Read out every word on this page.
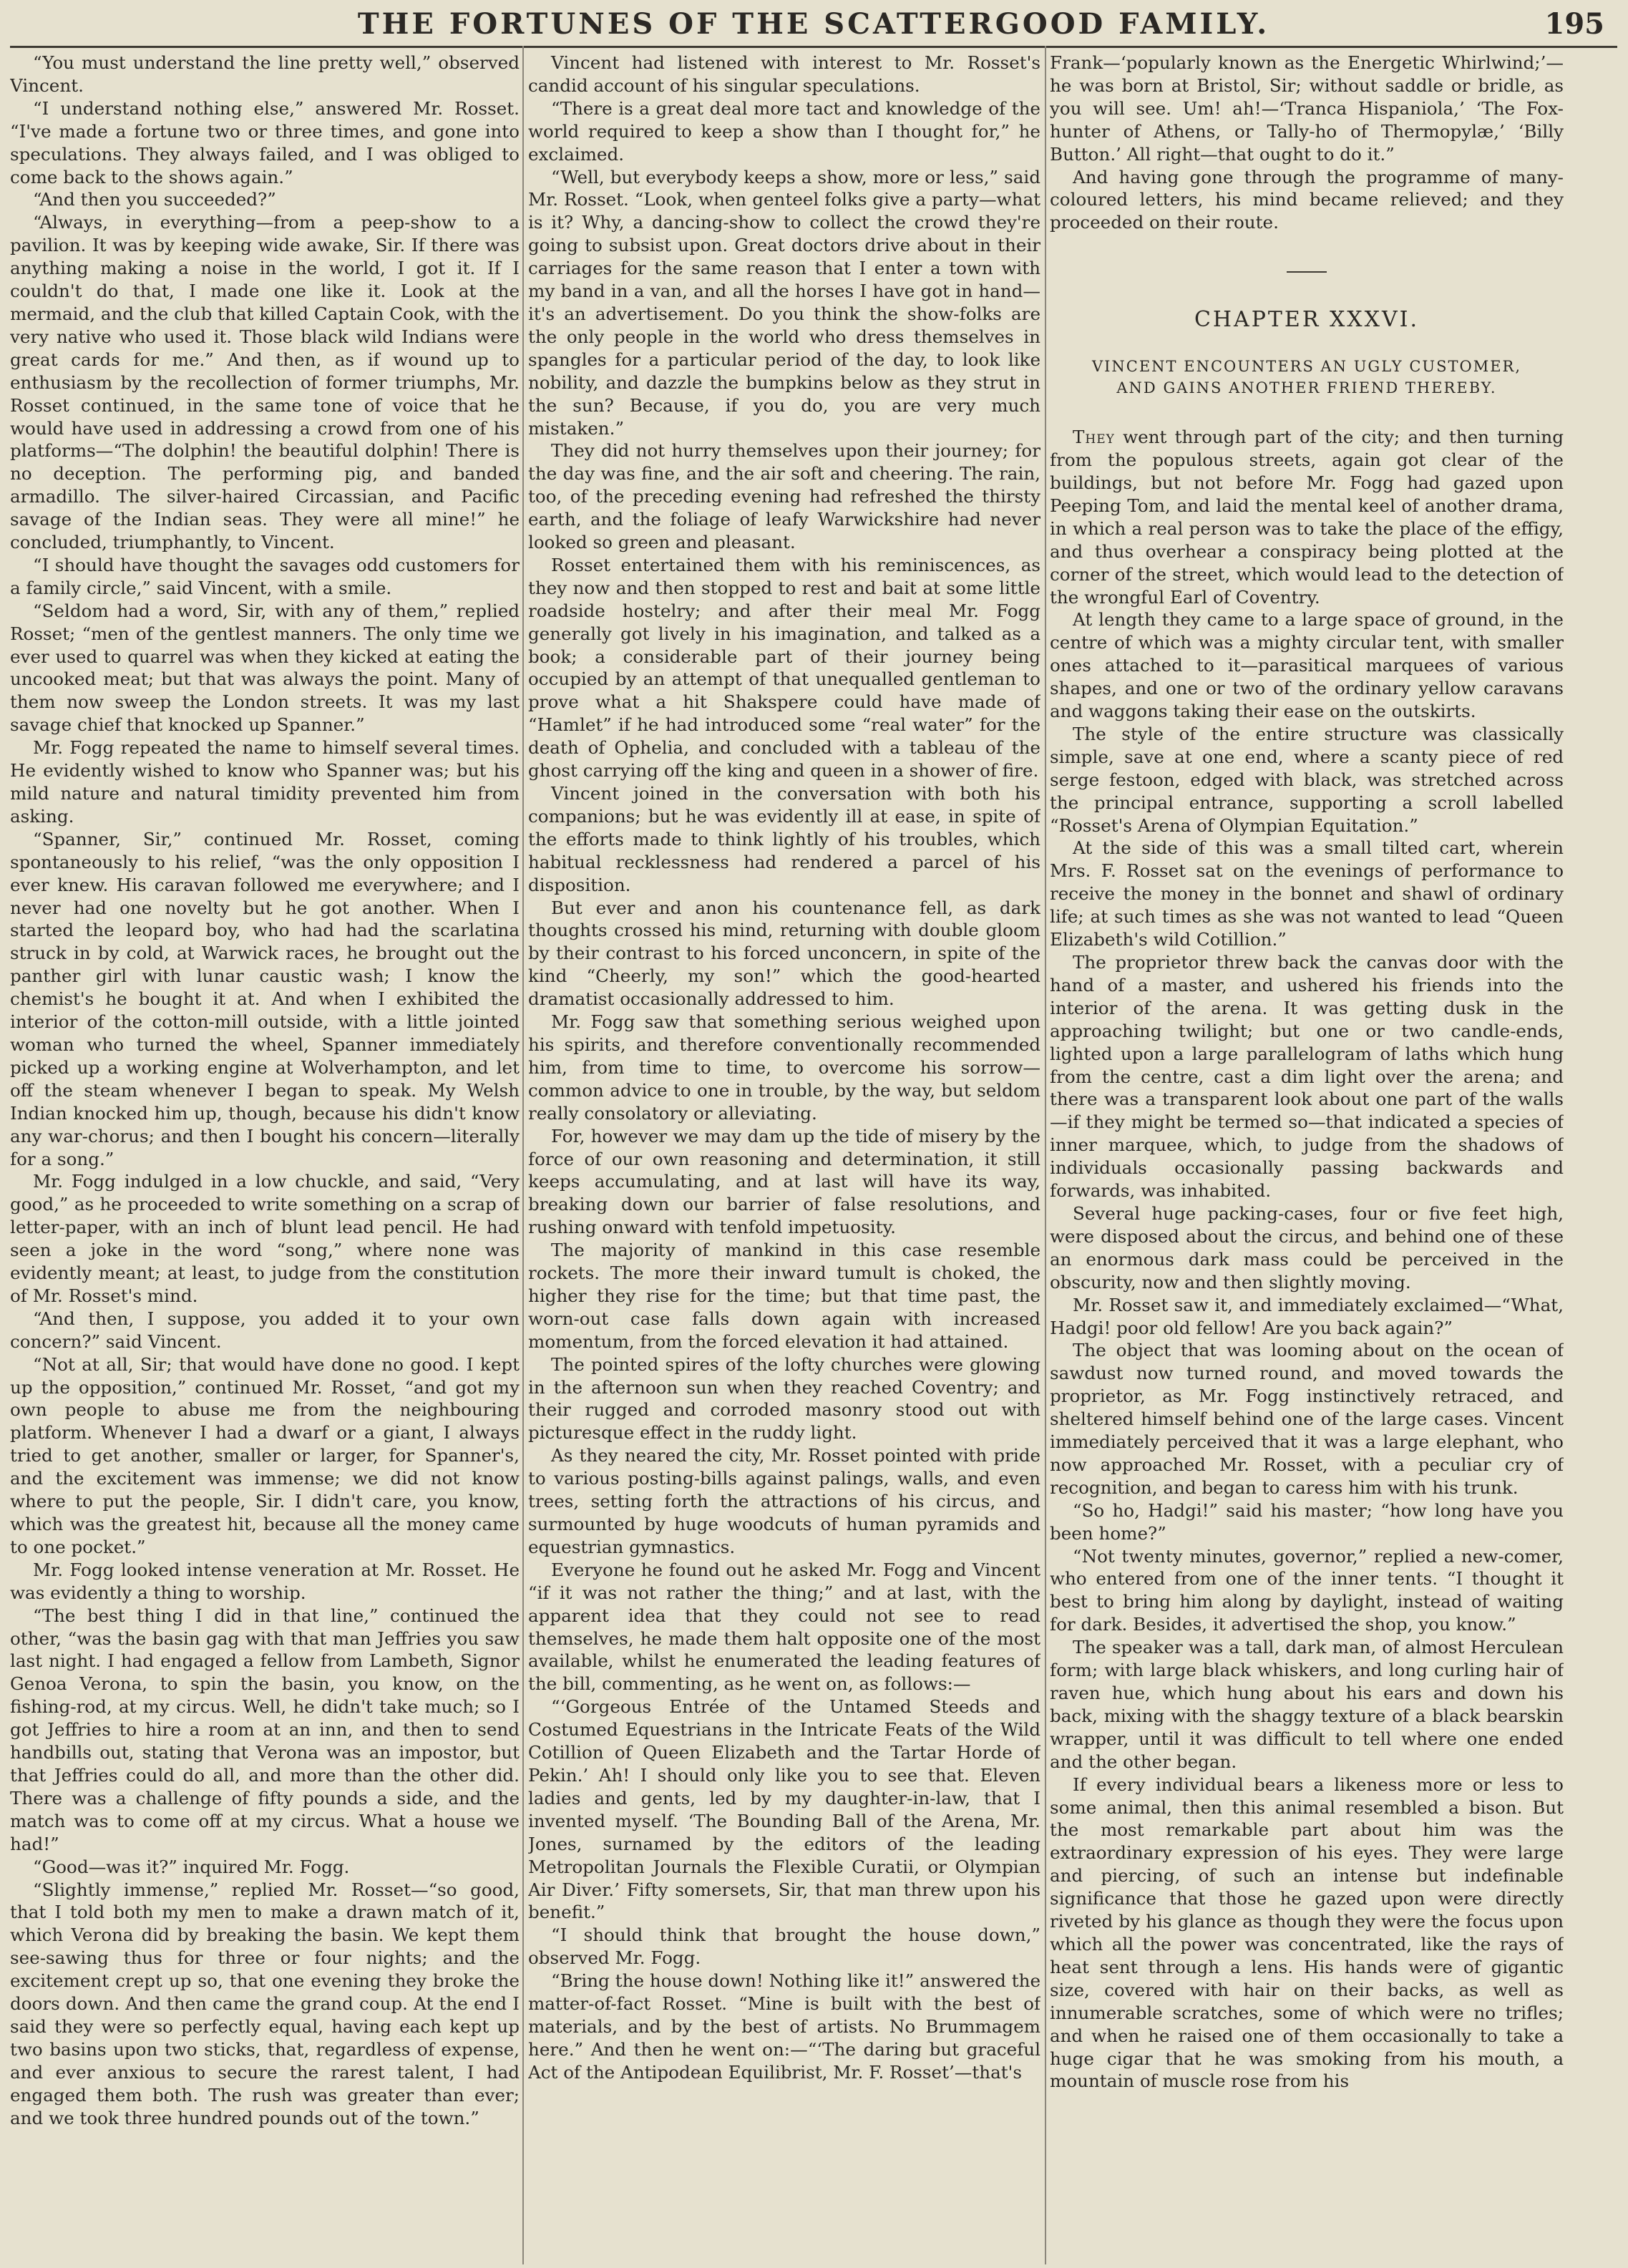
THE FORTUNES OF THE SCATTERGOOD FAMILY.	195

“You must understand the line pretty well,” observed Vincent.

“I understand nothing else,” answered Mr. Rosset. “I've made a fortune two or three times, and gone into speculations. They always failed, and I was obliged to come back to the shows again.”

“And then you succeeded?”

“Always, in everything—from a peep-show to a pavilion. It was by keeping wide awake, Sir. If there was anything making a noise in the world, I got it. If I couldn't do that, I made one like it. Look at the mermaid, and the club that killed Captain Cook, with the very native who used it. Those black wild Indians were great cards for me.” And then, as if wound up to enthusiasm by the recollection of former triumphs, Mr. Rosset continued, in the same tone of voice that he would have used in addressing a crowd from one of his platforms—“The dolphin! the beautiful dolphin! There is no deception. The performing pig, and banded armadillo. The silver-haired Circassian, and Pacific savage of the Indian seas. They were all mine!” he concluded, triumphantly, to Vincent.

“I should have thought the savages odd customers for a family circle,” said Vincent, with a smile.

“Seldom had a word, Sir, with any of them,” replied Rosset; “men of the gentlest manners. The only time we ever used to quarrel was when they kicked at eating the uncooked meat; but that was always the point. Many of them now sweep the London streets. It was my last savage chief that knocked up Spanner.”

Mr. Fogg repeated the name to himself several times. He evidently wished to know who Spanner was; but his mild nature and natural timidity prevented him from asking.

“Spanner, Sir,” continued Mr. Rosset, coming spontaneously to his relief, “was the only opposition I ever knew. His caravan followed me everywhere; and I never had one novelty but he got another. When I started the leopard boy, who had had the scarlatina struck in by cold, at Warwick races, he brought out the panther girl with lunar caustic wash; I know the chemist's he bought it at. And when I exhibited the interior of the cotton-mill outside, with a little jointed woman who turned the wheel, Spanner immediately picked up a working engine at Wolverhampton, and let off the steam whenever I began to speak. My Welsh Indian knocked him up, though, because his didn't know any war-chorus; and then I bought his concern—literally for a song.”

Mr. Fogg indulged in a low chuckle, and said, “Very good,” as he proceeded to write something on a scrap of letter-paper, with an inch of blunt lead pencil. He had seen a joke in the word “song,” where none was evidently meant; at least, to judge from the constitution of Mr. Rosset's mind.

“And then, I suppose, you added it to your own concern?” said Vincent.

“Not at all, Sir; that would have done no good. I kept up the opposition,” continued Mr. Rosset, “and got my own people to abuse me from the neighbouring platform. Whenever I had a dwarf or a giant, I always tried to get another, smaller or larger, for Spanner's, and the excitement was immense; we did not know where to put the people, Sir. I didn't care, you know, which was the greatest hit, because all the money came to one pocket.”

Mr. Fogg looked intense veneration at Mr. Rosset. He was evidently a thing to worship.

“The best thing I did in that line,” continued the other, “was the basin gag with that man Jeffries you saw last night. I had engaged a fellow from Lambeth, Signor Genoa Verona, to spin the basin, you know, on the fishing-rod, at my circus. Well, he didn't take much; so I got Jeffries to hire a room at an inn, and then to send handbills out, stating that Verona was an impostor, but that Jeffries could do all, and more than the other did. There was a challenge of fifty pounds a side, and the match was to come off at my circus. What a house we had!”

“Good—was it?” inquired Mr. Fogg.

“Slightly immense,” replied Mr. Rosset—“so good, that I told both my men to make a drawn match of it, which Verona did by breaking the basin. We kept them see-sawing thus for three or four nights; and the excitement crept up so, that one evening they broke the doors down. And then came the grand coup. At the end I said they were so perfectly equal, having each kept up two basins upon two sticks, that, regardless of expense, and ever anxious to secure the rarest talent, I had engaged them both. The rush was greater than ever; and we took three hundred pounds out of the town.”

Vincent had listened with interest to Mr. Rosset's candid account of his singular speculations.

“There is a great deal more tact and knowledge of the world required to keep a show than I thought for,” he exclaimed.

“Well, but everybody keeps a show, more or less,” said Mr. Rosset. “Look, when genteel folks give a party—what is it? Why, a dancing-show to collect the crowd they're going to subsist upon. Great doctors drive about in their carriages for the same reason that I enter a town with my band in a van, and all the horses I have got in hand—it's an advertisement. Do you think the show-folks are the only people in the world who dress themselves in spangles for a particular period of the day, to look like nobility, and dazzle the bumpkins below as they strut in the sun? Because, if you do, you are very much mistaken.”

They did not hurry themselves upon their journey; for the day was fine, and the air soft and cheering. The rain, too, of the preceding evening had refreshed the thirsty earth, and the foliage of leafy Warwickshire had never looked so green and pleasant.

Rosset entertained them with his reminiscences, as they now and then stopped to rest and bait at some little roadside hostelry; and after their meal Mr. Fogg generally got lively in his imagination, and talked as a book; a considerable part of their journey being occupied by an attempt of that unequalled gentleman to prove what a hit Shakspere could have made of “Hamlet” if he had introduced some “real water” for the death of Ophelia, and concluded with a tableau of the ghost carrying off the king and queen in a shower of fire.

Vincent joined in the conversation with both his companions; but he was evidently ill at ease, in spite of the efforts made to think lightly of his troubles, which habitual recklessness had rendered a parcel of his disposition.

But ever and anon his countenance fell, as dark thoughts crossed his mind, returning with double gloom by their contrast to his forced unconcern, in spite of the kind “Cheerly, my son!” which the good-hearted dramatist occasionally addressed to him.

Mr. Fogg saw that something serious weighed upon his spirits, and therefore conventionally recommended him, from time to time, to overcome his sorrow—common advice to one in trouble, by the way, but seldom really consolatory or alleviating.

For, however we may dam up the tide of misery by the force of our own reasoning and determination, it still keeps accumulating, and at last will have its way, breaking down our barrier of false resolutions, and rushing onward with tenfold impetuosity.

The majority of mankind in this case resemble rockets. The more their inward tumult is choked, the higher they rise for the time; but that time past, the worn-out case falls down again with increased momentum, from the forced elevation it had attained.

The pointed spires of the lofty churches were glowing in the afternoon sun when they reached Coventry; and their rugged and corroded masonry stood out with picturesque effect in the ruddy light.

As they neared the city, Mr. Rosset pointed with pride to various posting-bills against palings, walls, and even trees, setting forth the attractions of his circus, and surmounted by huge woodcuts of human pyramids and equestrian gymnastics.

Everyone he found out he asked Mr. Fogg and Vincent “if it was not rather the thing;” and at last, with the apparent idea that they could not see to read themselves, he made them halt opposite one of the most available, whilst he enumerated the leading features of the bill, commenting, as he went on, as follows:—

“‘Gorgeous Entrée of the Untamed Steeds and Costumed Equestrians in the Intricate Feats of the Wild Cotillion of Queen Elizabeth and the Tartar Horde of Pekin.’ Ah! I should only like you to see that. Eleven ladies and gents, led by my daughter-in-law, that I invented myself. ‘The Bounding Ball of the Arena, Mr. Jones, surnamed by the editors of the leading Metropolitan Journals the Flexible Curatii, or Olympian Air Diver.’ Fifty somersets, Sir, that man threw upon his benefit.”

“I should think that brought the house down,” observed Mr. Fogg.

“Bring the house down! Nothing like it!” answered the matter-of-fact Rosset. “Mine is built with the best of materials, and by the best of artists. No Brummagem here.” And then he went on:—“‘The daring but graceful Act of the Antipodean Equilibrist, Mr. F. Rosset’—that's

Frank—‘popularly known as the Energetic Whirlwind;’—he was born at Bristol, Sir; without saddle or bridle, as you will see. Um! ah!—‘Tranca Hispaniola,’ ‘The Fox-hunter of Athens, or Tally-ho of Thermopylæ,’ ‘Billy Button.’ All right—that ought to do it.”

And having gone through the programme of many-coloured letters, his mind became relieved; and they proceeded on their route.

CHAPTER XXXVI.
VINCENT ENCOUNTERS AN UGLY CUSTOMER, AND GAINS ANOTHER FRIEND THEREBY.

They went through part of the city; and then turning from the populous streets, again got clear of the buildings, but not before Mr. Fogg had gazed upon Peeping Tom, and laid the mental keel of another drama, in which a real person was to take the place of the effigy, and thus overhear a conspiracy being plotted at the corner of the street, which would lead to the detection of the wrongful Earl of Coventry.

At length they came to a large space of ground, in the centre of which was a mighty circular tent, with smaller ones attached to it—parasitical marquees of various shapes, and one or two of the ordinary yellow caravans and waggons taking their ease on the outskirts.

The style of the entire structure was classically simple, save at one end, where a scanty piece of red serge festoon, edged with black, was stretched across the principal entrance, supporting a scroll labelled “Rosset's Arena of Olympian Equitation.”

At the side of this was a small tilted cart, wherein Mrs. F. Rosset sat on the evenings of performance to receive the money in the bonnet and shawl of ordinary life; at such times as she was not wanted to lead “Queen Elizabeth's wild Cotillion.”

The proprietor threw back the canvas door with the hand of a master, and ushered his friends into the interior of the arena. It was getting dusk in the approaching twilight; but one or two candle-ends, lighted upon a large parallelogram of laths which hung from the centre, cast a dim light over the arena; and there was a transparent look about one part of the walls—if they might be termed so—that indicated a species of inner marquee, which, to judge from the shadows of individuals occasionally passing backwards and forwards, was inhabited.

Several huge packing-cases, four or five feet high, were disposed about the circus, and behind one of these an enormous dark mass could be perceived in the obscurity, now and then slightly moving.

Mr. Rosset saw it, and immediately exclaimed—“What, Hadgi! poor old fellow! Are you back again?”

The object that was looming about on the ocean of sawdust now turned round, and moved towards the proprietor, as Mr. Fogg instinctively retraced, and sheltered himself behind one of the large cases. Vincent immediately perceived that it was a large elephant, who now approached Mr. Rosset, with a peculiar cry of recognition, and began to caress him with his trunk.

“So ho, Hadgi!” said his master; “how long have you been home?”

“Not twenty minutes, governor,” replied a new-comer, who entered from one of the inner tents. “I thought it best to bring him along by daylight, instead of waiting for dark. Besides, it advertised the shop, you know.”

The speaker was a tall, dark man, of almost Herculean form; with large black whiskers, and long curling hair of raven hue, which hung about his ears and down his back, mixing with the shaggy texture of a black bearskin wrapper, until it was difficult to tell where one ended and the other began.

If every individual bears a likeness more or less to some animal, then this animal resembled a bison. But the most remarkable part about him was the extraordinary expression of his eyes. They were large and piercing, of such an intense but indefinable significance that those he gazed upon were directly riveted by his glance as though they were the focus upon which all the power was concentrated, like the rays of heat sent through a lens. His hands were of gigantic size, covered with hair on their backs, as well as innumerable scratches, some of which were no trifles; and when he raised one of them occasionally to take a huge cigar that he was smoking from his mouth, a mountain of muscle rose from his
